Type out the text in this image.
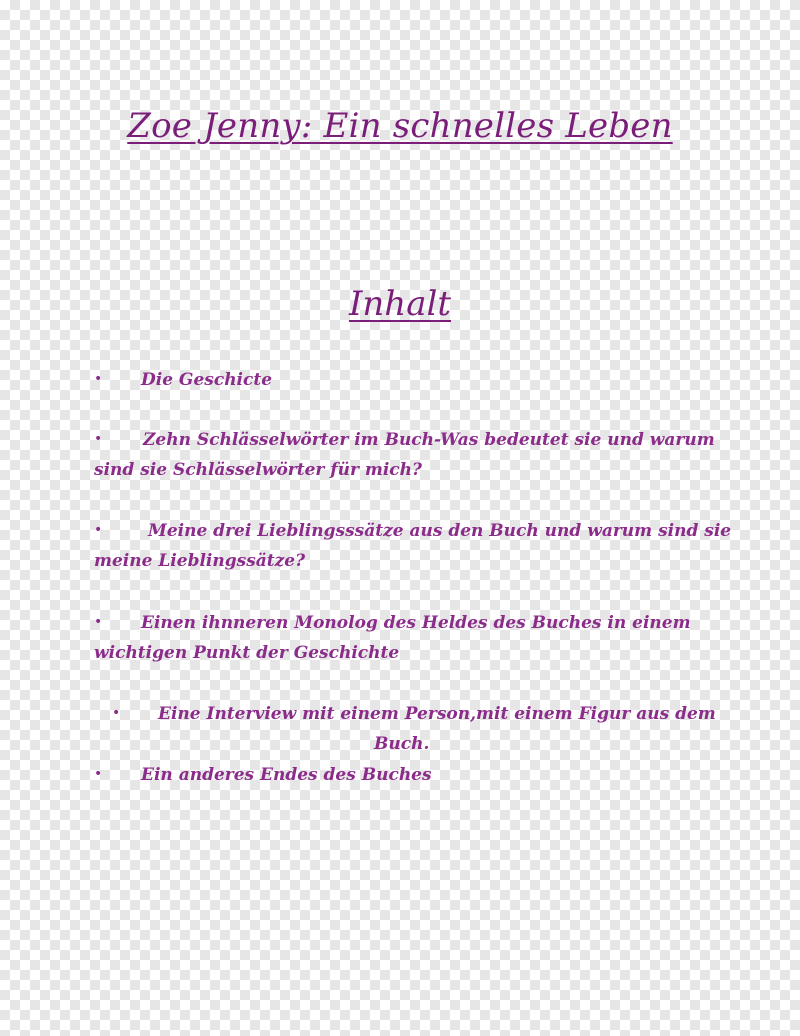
Zoe Jenny: Ein schnelles Leben
Inhalt
• Die Geschicte
• Zehn Schlässelwörter im Buch-Was bedeutet sie und warum
sind sie Schlässelwörter für mich?
•	Meine drei Lieblingsssätze aus den Buch und warum sind sie
meine Lieblingssätze?
• Einen ihnneren Monolog des Heldes des Buches in einem
wichtigen Punkt der Geschichte
• Eine Interview mit einem Person,mit einem Figur aus dem
Buch.
• Ein anderes Endes des Buches
